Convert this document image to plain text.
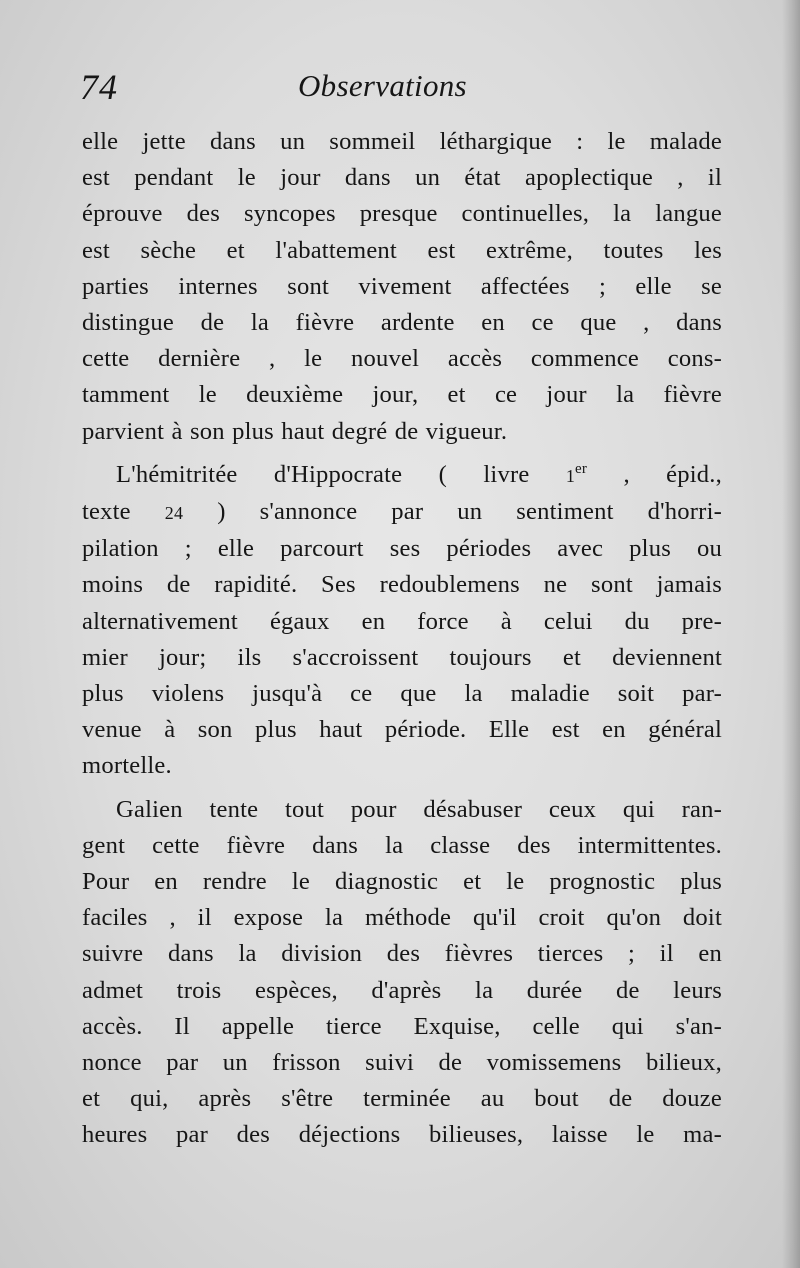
74	Observations
elle jette dans un sommeil léthargique : le malade
est pendant le jour dans un état apoplectique , il
éprouve des syncopes presque continuelles, la langue
est sèche et l'abattement est extrême, toutes les
parties internes sont vivement affectées ; elle se
distingue de la fièvre ardente en ce que , dans
cette dernière , le nouvel accès commence cons-
tamment le deuxième jour, et ce jour la fièvre
parvient à son plus haut degré de vigueur.
L'hémitritée d'Hippocrate ( livre 1er , épid.,
texte 24 ) s'annonce par un sentiment d'horri-
pilation ; elle parcourt ses périodes avec plus ou
moins de rapidité. Ses redoublemens ne sont jamais
alternativement égaux en force à celui du pre-
mier jour; ils s'accroissent toujours et deviennent
plus violens jusqu'à ce que la maladie soit par-
venue à son plus haut période. Elle est en général
mortelle.
Galien tente tout pour désabuser ceux qui ran-
gent cette fièvre dans la classe des intermittentes.
Pour en rendre le diagnostic et le prognostic plus
faciles , il expose la méthode qu'il croit qu'on doit
suivre dans la division des fièvres tierces ; il en
admet trois espèces, d'après la durée de leurs
accès. Il appelle tierce Exquise, celle qui s'an-
nonce par un frisson suivi de vomissemens bilieux,
et qui, après s'être terminée au bout de douze
heures par des déjections bilieuses, laisse le ma-
